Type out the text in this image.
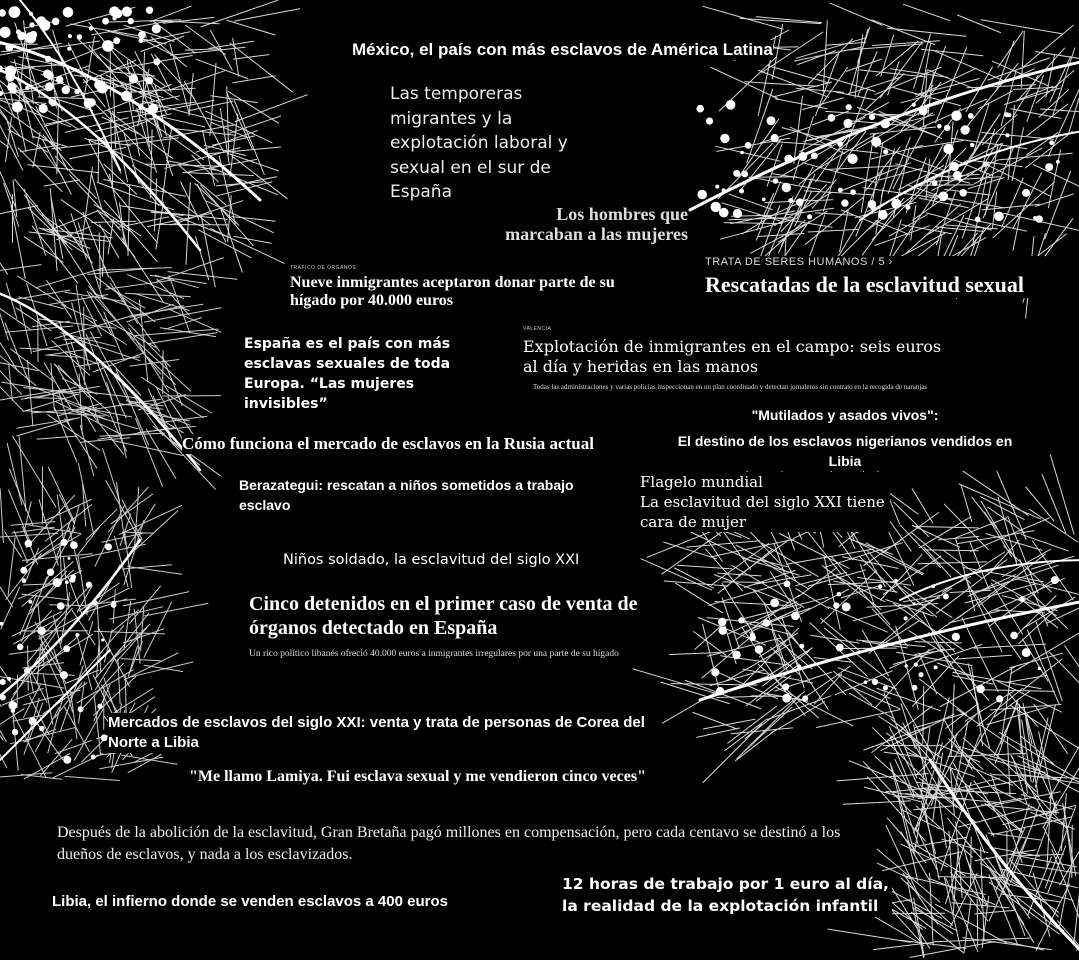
México, el país con más esclavos de América Latina

Las temporeras migrantes y la explotación laboral y sexual en el sur de España

Los hombres que marcaban a las mujeres

TRÁFICO DE ÓRGANOS
Nueve inmigrantes aceptaron donar parte de su hígado por 40.000 euros
TRATA DE SERES HUMANOS / 5 ›
Rescatadas de la esclavitud sexual

España es el país con más esclavas sexuales de toda Europa. “Las mujeres invisibles”

VALENCIA
Explotación de inmigrantes en el campo: seis euros al día y heridas en las manos
Todas las administraciones y varias policías inspeccionan en un plan coordinado y detectan jornaleros sin contrato en la recogida de naranjas
"Mutilados y asados vivos":
El destino de los esclavos nigerianos vendidos en Libia

Cómo funciona el mercado de esclavos en la Rusia actual

Berazategui: rescatan a niños sometidos a trabajo esclavo

Flagelo mundial
La esclavitud del siglo XXI tiene cara de mujer

Niños soldado, la esclavitud del siglo XXI

Cinco detenidos en el primer caso de venta de órganos detectado en España
Un rico político libanés ofreció 40.000 euros a inmigrantes irregulares por una parte de su hígado

Mercados de esclavos del siglo XXI: venta y trata de personas de Corea del Norte a Libia

"Me llamo Lamiya. Fui esclava sexual y me vendieron cinco veces"

Después de la abolición de la esclavitud, Gran Bretaña pagó millones en compensación, pero cada centavo se destinó a los dueños de esclavos, y nada a los esclavizados.

Libia, el infierno donde se venden esclavos a 400 euros

12 horas de trabajo por 1 euro al día, la realidad de la explotación infantil
